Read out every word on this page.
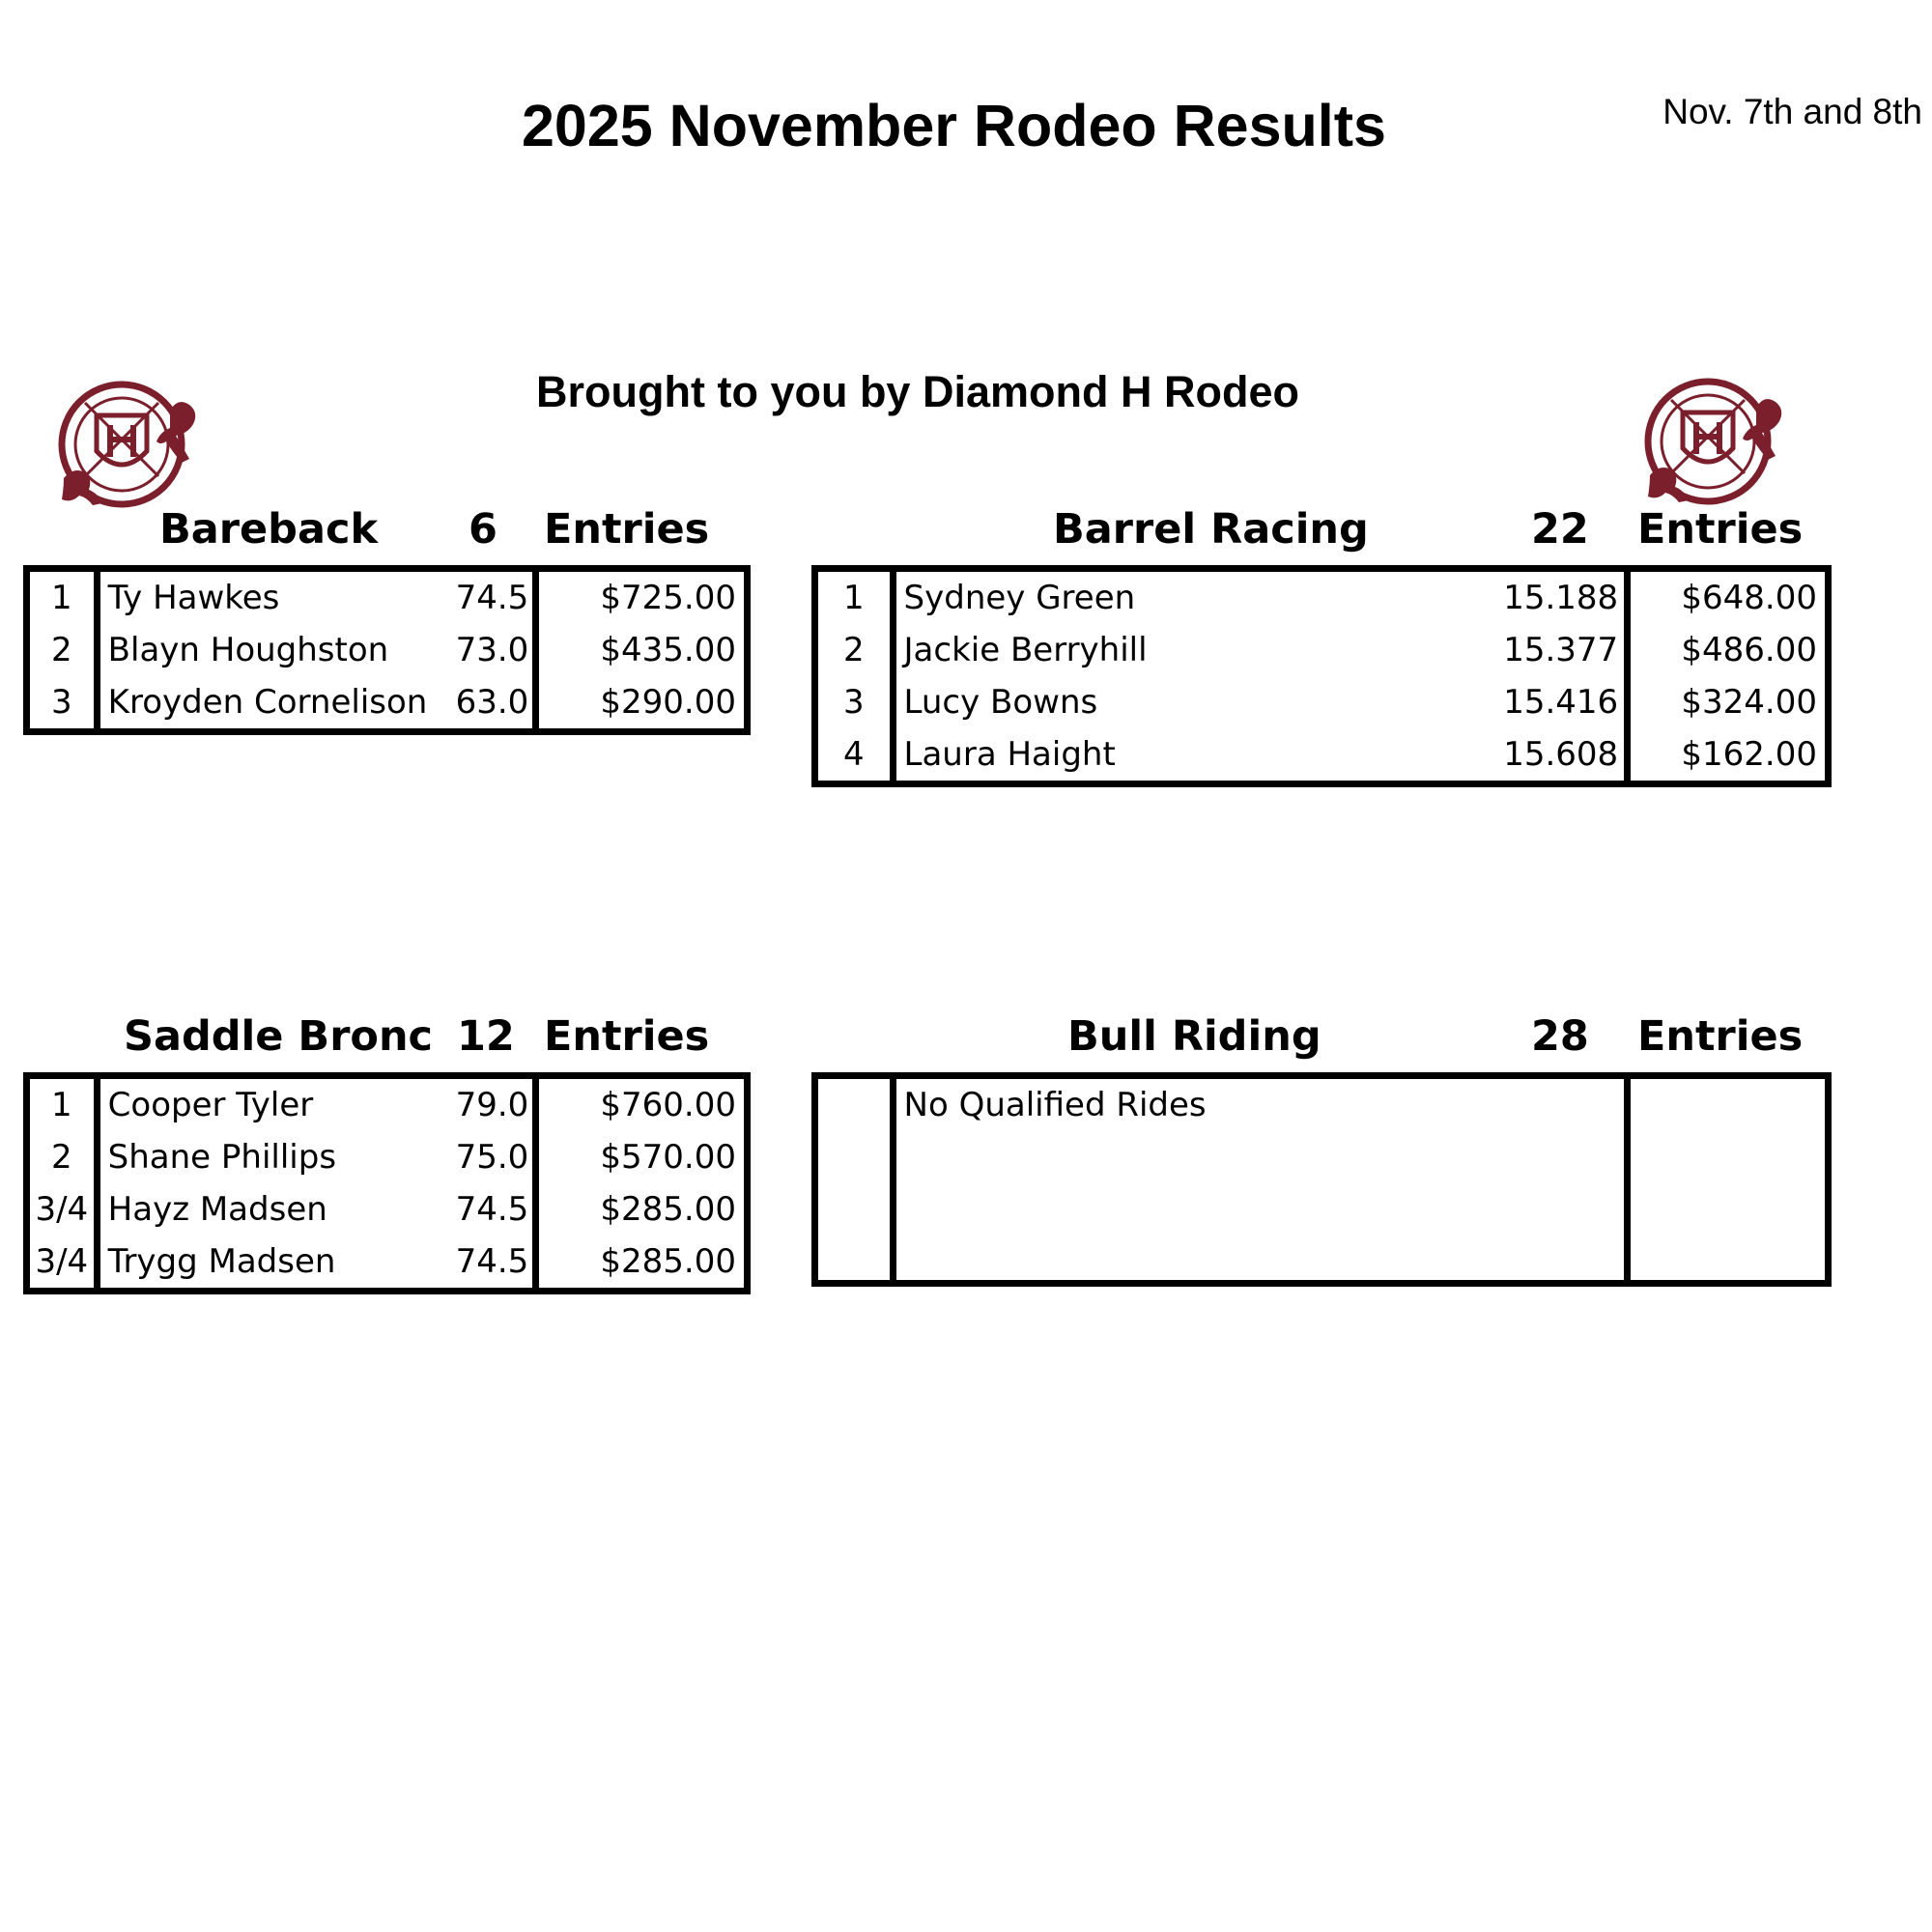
2025 November Rodeo Results	Nov. 7th and 8th
Brought to you by Diamond H Rodeo
Bareback 6 Entries
1	Ty Hawkes	74.5	$725.00
2	Blayn Houghston	73.0	$435.00
3	Kroyden Cornelison	63.0	$290.00
Barrel Racing	22 Entries
1	Sydney Green	15.188	$648.00
2	Jackie Berryhill	15.377	$486.00
3	Lucy Bowns	15.416	$324.00
4	Laura Haight	15.608	$162.00
Saddle Bronc 12 Entries
1	Cooper Tyler	79.0	$760.00
2	Shane Phillips	75.0	$570.00
3/4	Hayz Madsen	74.5	$285.00
3/4	Trygg Madsen	74.5	$285.00
Bull Riding	28 Entries
	No Qualified Rides	
